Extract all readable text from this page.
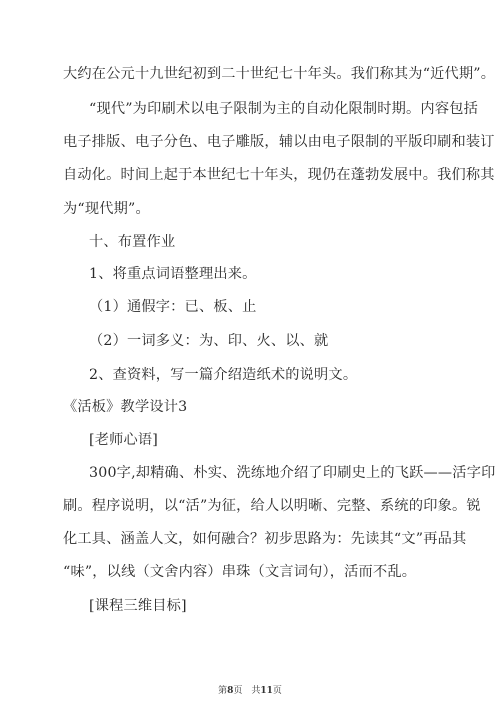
大约在公元十九世纪初到二十世纪七十年头。我们称其为“近代期”。
“现代”为印刷术以电子限制为主的自动化限制时期。内容包括
电子排版、电子分色、电子雕版，辅以由电子限制的平版印刷和装订
自动化。时间上起于本世纪七十年头，现仍在蓬勃发展中。我们称其
为“现代期”。
十、布置作业
1、将重点词语整理出来。
（1）通假字：已、板、止
（2）一词多义：为、印、火、以、就
2、查资料，写一篇介绍造纸术的说明文。
《活板》教学设计3
[老师心语]
300字,却精确、朴实、洗练地介绍了印刷史上的飞跃——活字印
刷。程序说明，以“活”为征，给人以明晰、完整、系统的印象。锐
化工具、涵盖人文，如何融合？初步思路为：先读其“文”再品其
“味”，以线（文舍内容）串珠（文言词句），活而不乱。
[课程三维目标]
第8页　共11页
